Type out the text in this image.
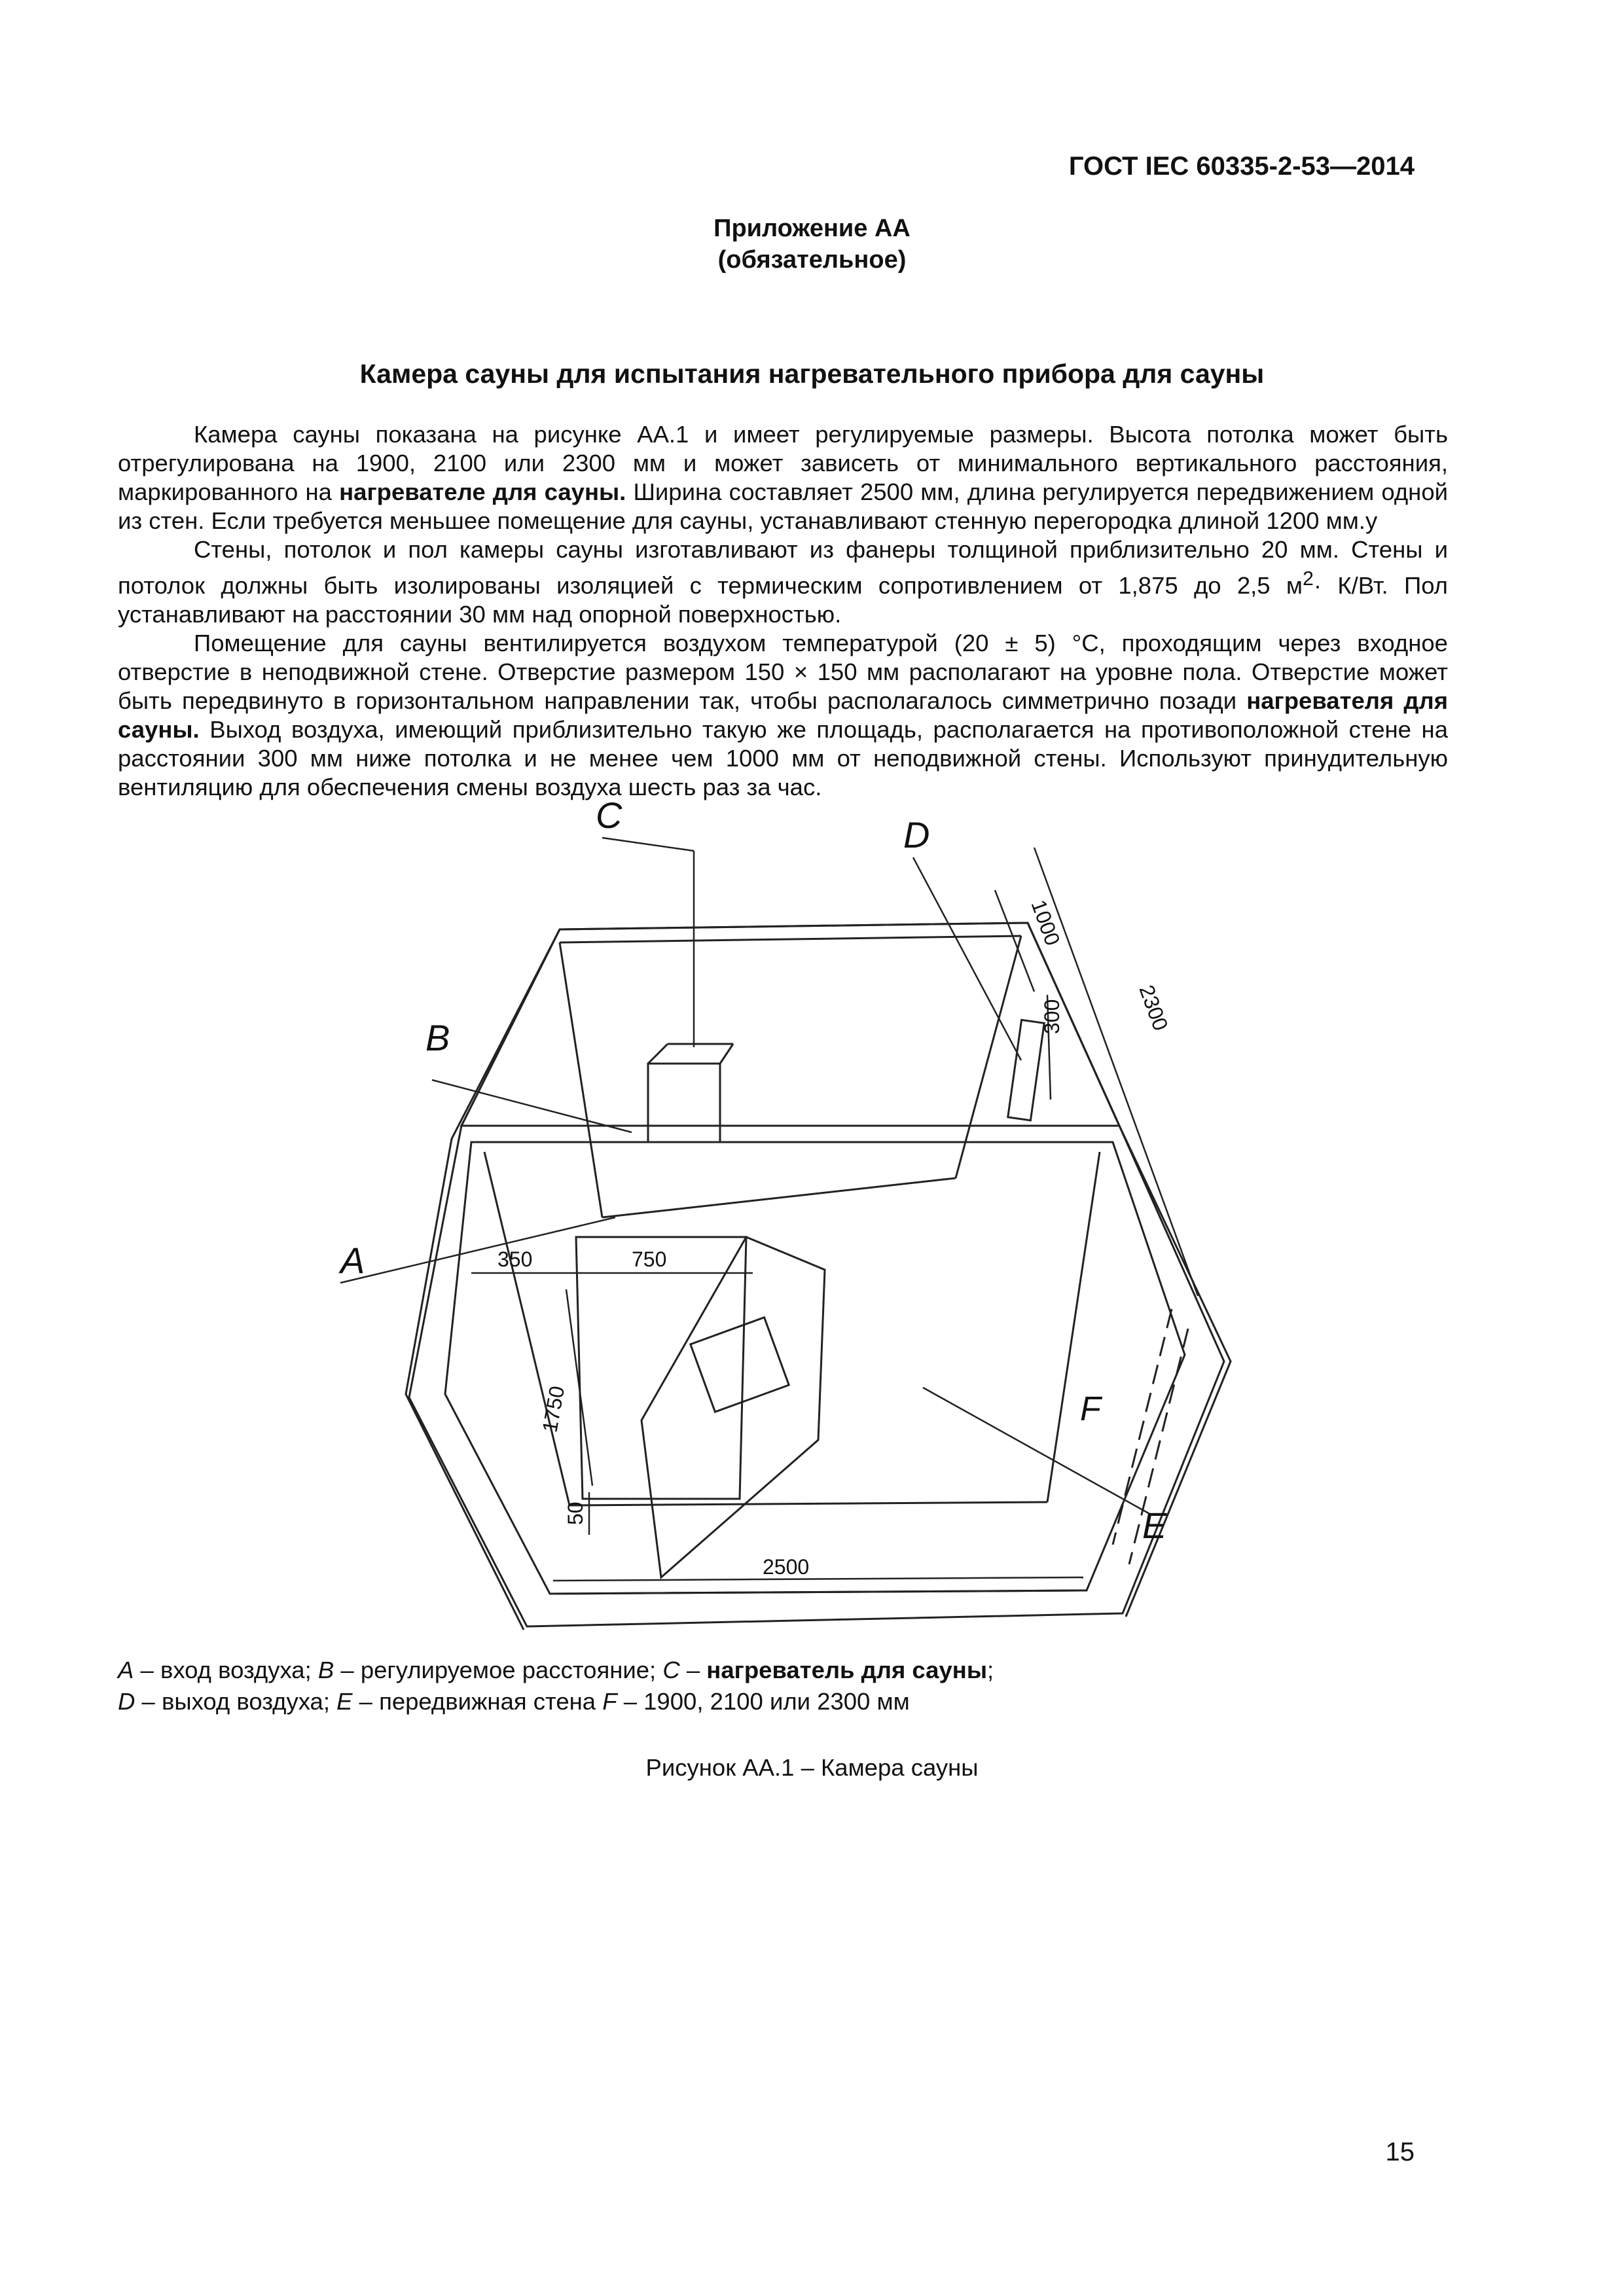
ГОСТ IEC 60335-2-53—2014
Приложение АА
(обязательное)
Камера сауны для испытания нагревательного прибора для сауны

Камера сауны показана на рисунке АА.1 и имеет регулируемые размеры. Высота потолка может быть отрегулирована на 1900, 2100 или 2300 мм и может зависеть от минимального вертикального расстояния, маркированного на нагревателе для сауны. Ширина составляет 2500 мм, длина регулируется передвижением одной из стен. Если требуется меньшее помещение для сауны, устанавливают стенную перегородка длиной 1200 мм.у

Стены, потолок и пол камеры сауны изготавливают из фанеры толщиной приблизительно 20 мм. Стены и потолок должны быть изолированы изоляцией с термическим сопротивлением от 1,875 до 2,5 $м^2\cdot К/Вт$. Пол устанавливают на расстоянии 30 мм над опорной поверхностью.

Помещение для сауны вентилируется воздухом температурой (20 ± 5) °С, проходящим через входное отверстие в неподвижной стене. Отверстие размером 150 × 150 мм располагают на уровне пола. Отверстие может быть передвинуто в горизонтальном направлении так, чтобы располагалось симметрично позади нагревателя для сауны. Выход воздуха, имеющий приблизительно такую же площадь, располагается на противоположной стене на расстоянии 300 мм ниже потолка и не менее чем 1000 мм от неподвижной стены. Используют принудительную вентиляцию для обеспечения смены воздуха шесть раз за час.

A
B
C	D
E
F
350	750
1750
50
2500
1000
300	2300
A – вход воздуха; B – регулируемое расстояние; C – нагреватель для сауны;
D – выход воздуха; E – передвижная стена F – 1900, 2100 или 2300 мм
Рисунок АА.1 – Камера сауны
15
